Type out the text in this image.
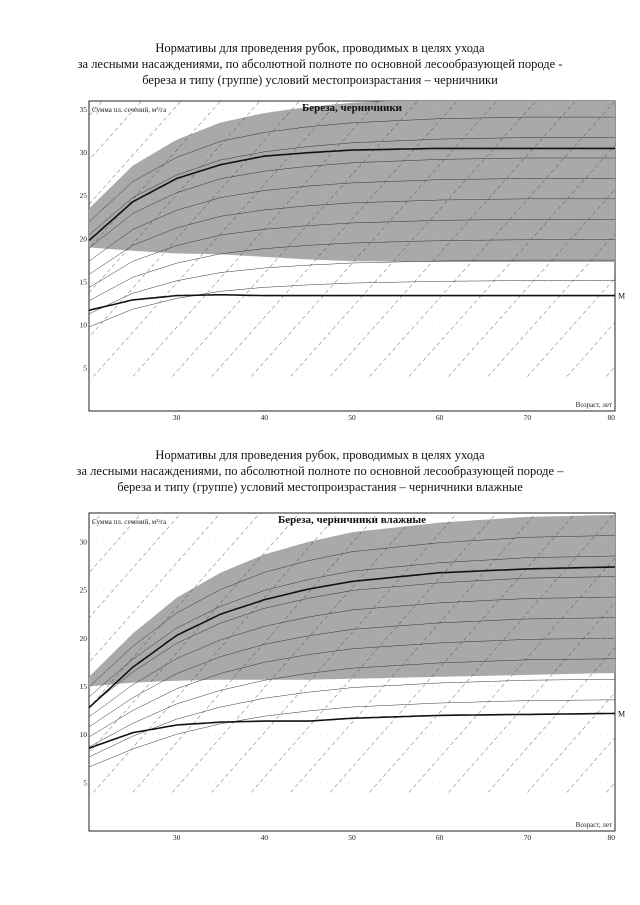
Нормативы для проведения рубок, проводимых в целях ухода
за лесными насаждениями, по абсолютной полноте по основной лесообразующей породе -
береза и типу (группе) условий местопроизрастания – черничники
Береза, черничники
Сумма пл. сечений, м²/га
Возраст, лет
5
10
15
20
25
30
35
30	40	50	60	70	80
М
Нормативы для проведения рубок, проводимых в целях ухода
за лесными насаждениями, по абсолютной полноте по основной лесообразующей породе –
береза и типу (группе) условий местопроизрастания – черничники влажные
Береза, черничники влажные
Сумма пл. сечений, м²/га
Возраст, лет
5
10
15
20
25
30
30	40	50	60	70	80
М
